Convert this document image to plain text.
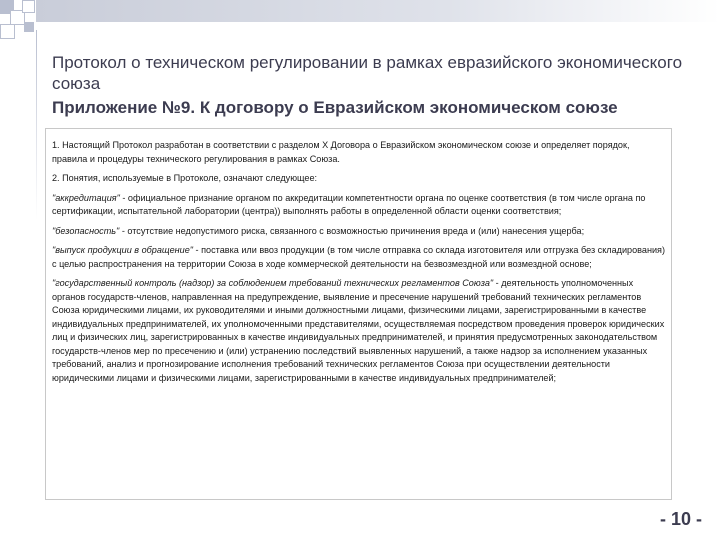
Протокол о техническом регулировании в рамках евразийского экономического союза
Приложение №9. К договору о Евразийском экономическом союзе

1. Настоящий Протокол разработан в соответствии с разделом X Договора о Евразийском экономическом союзе и определяет порядок, правила и процедуры технического регулирования в рамках Союза.

2. Понятия, используемые в Протоколе, означают следующее:

"аккредитация" - официальное признание органом по аккредитации компетентности органа по оценке соответствия (в том числе органа по сертификации, испытательной лаборатории (центра)) выполнять работы в определенной области оценки соответствия;

"безопасность" - отсутствие недопустимого риска, связанного с возможностью причинения вреда и (или) нанесения ущерба;

"выпуск продукции в обращение" - поставка или ввоз продукции (в том числе отправка со склада изготовителя или отгрузка без складирования) с целью распространения на территории Союза в ходе коммерческой деятельности на безвозмездной или возмездной основе;

"государственный контроль (надзор) за соблюдением требований технических регламентов Союза" - деятельность уполномоченных органов государств-членов, направленная на предупреждение, выявление и пресечение нарушений требований технических регламентов Союза юридическими лицами, их руководителями и иными должностными лицами, физическими лицами, зарегистрированными в качестве индивидуальных предпринимателей, их уполномоченными представителями, осуществляемая посредством проведения проверок юридических лиц и физических лиц, зарегистрированных в качестве индивидуальных предпринимателей, и принятия предусмотренных законодательством государств-членов мер по пресечению и (или) устранению последствий выявленных нарушений, а также надзор за исполнением указанных требований, анализ и прогнозирование исполнения требований технических регламентов Союза при осуществлении деятельности юридическими лицами и физическими лицами, зарегистрированными в качестве индивидуальных предпринимателей;

- 10 -
